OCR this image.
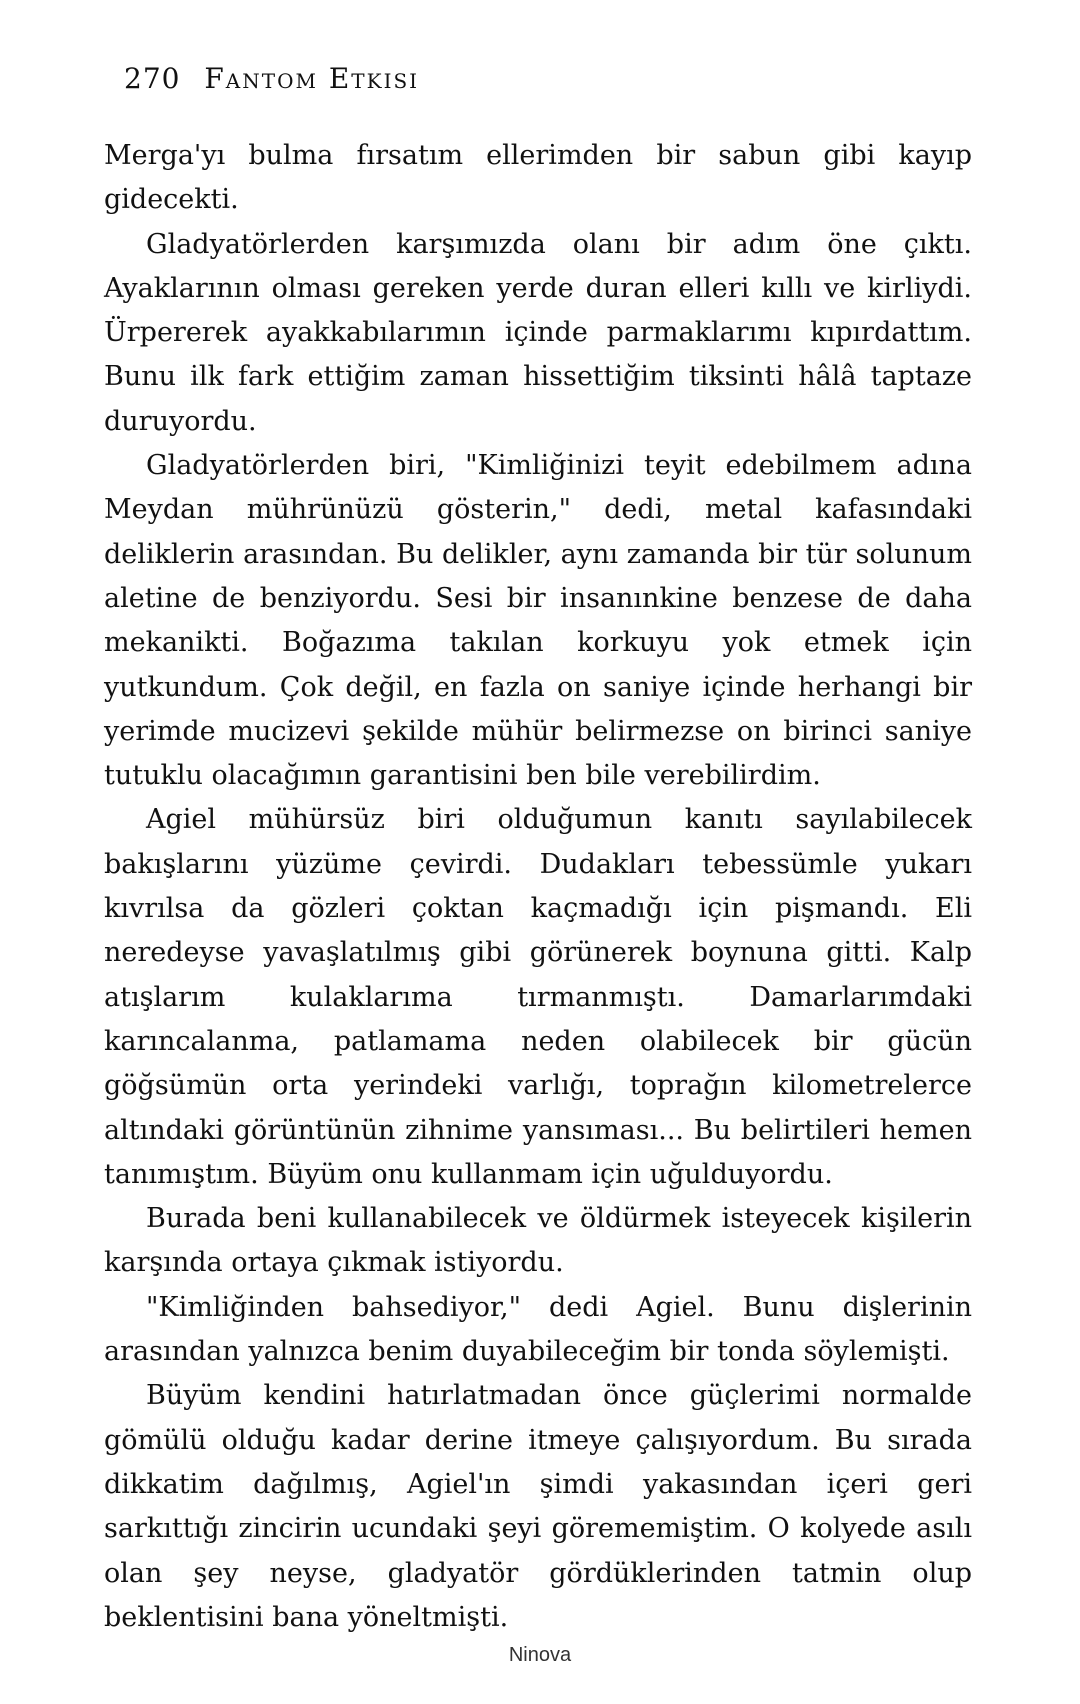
270 Fantom Etkisi

Merga'yı bulma fırsatım ellerimden bir sabun gibi kayıp gidecekti.

Gladyatörlerden karşımızda olanı bir adım öne çıktı. Ayaklarının olması gereken yerde duran elleri kıllı ve kirliydi. Ürpererek ayakkabılarımın içinde parmaklarımı kıpırdattım. Bunu ilk fark ettiğim zaman hissettiğim tiksinti hâlâ taptaze duruyordu.

Gladyatörlerden biri, "Kimliğinizi teyit edebilmem adına Meydan mührünüzü gösterin," dedi, metal kafasındaki deliklerin arasından. Bu delikler, aynı zamanda bir tür solunum aletine de benziyordu. Sesi bir insanınkine benzese de daha mekanikti. Boğazıma takılan korkuyu yok etmek için yutkundum. Çok değil, en fazla on saniye içinde herhangi bir yerimde mucizevi şekilde mühür belirmezse on birinci saniye tutuklu olacağımın garantisini ben bile verebilirdim.

Agiel mühürsüz biri olduğumun kanıtı sayılabilecek bakışlarını yüzüme çevirdi. Dudakları tebessümle yukarı kıvrılsa da gözleri çoktan kaçmadığı için pişmandı. Eli neredeyse yavaşlatılmış gibi görünerek boynuna gitti. Kalp atışlarım kulaklarıma tırmanmıştı. Damarlarımdaki karıncalanma, patlamama neden olabilecek bir gücün göğsümün orta yerindeki varlığı, toprağın kilometrelerce altındaki görüntünün zihnime yansıması... Bu belirtileri hemen tanımıştım. Büyüm onu kullanmam için uğulduyordu.

Burada beni kullanabilecek ve öldürmek isteyecek kişilerin karşında ortaya çıkmak istiyordu.

"Kimliğinden bahsediyor," dedi Agiel. Bunu dişlerinin arasından yalnızca benim duyabileceğim bir tonda söylemişti.

Büyüm kendini hatırlatmadan önce güçlerimi normalde gömülü olduğu kadar derine itmeye çalışıyordum. Bu sırada dikkatim dağılmış, Agiel'ın şimdi yakasından içeri geri sarkıttığı zincirin ucundaki şeyi görememiştim. O kolyede asılı olan şey neyse, gladyatör gördüklerinden tatmin olup beklentisini bana yöneltmişti.

Ninova
